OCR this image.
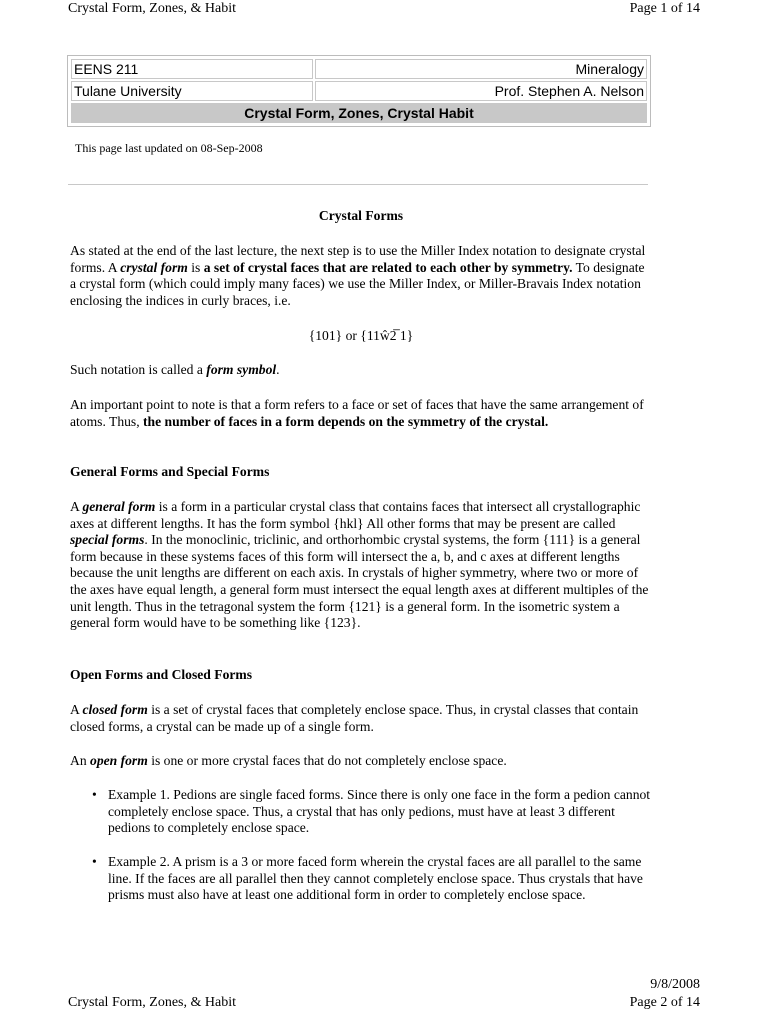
Crystal Form, Zones, & Habit	Page 1 of 14
EENS 211	Mineralogy
Tulane University	Prof. Stephen A. Nelson
Crystal Form, Zones, Crystal Habit	
This page last updated on 08-Sep-2008
Crystal Forms

As stated at the end of the last lecture, the next step is to use the Miller Index notation to designate crystal forms. A crystal form is a set of crystal faces that are related to each other by symmetry. To designate a crystal form (which could imply many faces) we use the Miller Index, or Miller-Bravais Index notation enclosing the indices in curly braces, i.e.

{101} or {11ŵ2̅ 1}

Such notation is called a form symbol.

An important point to note is that a form refers to a face or set of faces that have the same arrangement of atoms. Thus, the number of faces in a form depends on the symmetry of the crystal.

General Forms and Special Forms

A general form is a form in a particular crystal class that contains faces that intersect all crystallographic axes at different lengths. It has the form symbol {hkl} All other forms that may be present are called special forms. In the monoclinic, triclinic, and orthorhombic crystal systems, the form {111} is a general form because in these systems faces of this form will intersect the a, b, and c axes at different lengths because the unit lengths are different on each axis. In crystals of higher symmetry, where two or more of the axes have equal length, a general form must intersect the equal length axes at different multiples of the unit length. Thus in the tetragonal system the form {121} is a general form. In the isometric system a general form would have to be something like {123}.

Open Forms and Closed Forms

A closed form is a set of crystal faces that completely enclose space. Thus, in crystal classes that contain closed forms, a crystal can be made up of a single form.

An open form is one or more crystal faces that do not completely enclose space.

• Example 1. Pedions are single faced forms. Since there is only one face in the form a pedion cannot completely enclose space. Thus, a crystal that has only pedions, must have at least 3 different pedions to completely enclose space.
• Example 2. A prism is a 3 or more faced form wherein the crystal faces are all parallel to the same line. If the faces are all parallel then they cannot completely enclose space. Thus crystals that have prisms must also have at least one additional form in order to completely enclose space.
9/8/2008
Crystal Form, Zones, & Habit	Page 2 of 14
